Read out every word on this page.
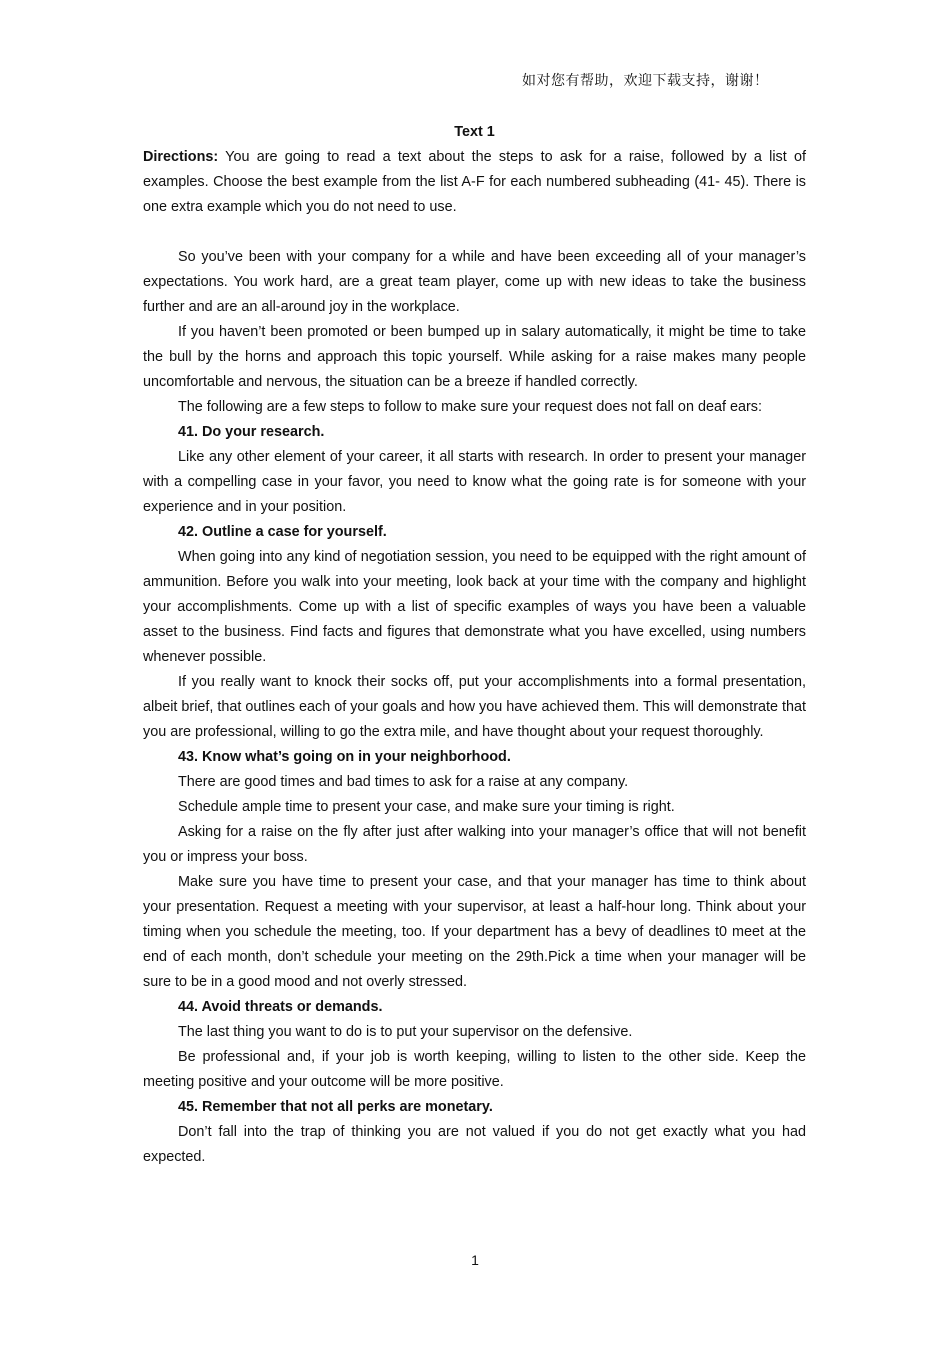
如对您有帮助，欢迎下载支持，谢谢！

Text 1

Directions: You are going to read a text about the steps to ask for a raise, followed by a list of examples. Choose the best example from the list A-F for each numbered subheading (41- 45). There is one extra example which you do not need to use.

So you’ve been with your company for a while and have been exceeding all of your manager’s expectations. You work hard, are a great team player, come up with new ideas to take the business further and are an all-around joy in the workplace.

If you haven’t been promoted or been bumped up in salary automatically, it might be time to take the bull by the horns and approach this topic yourself. While asking for a raise makes many people uncomfortable and nervous, the situation can be a breeze if handled correctly.

The following are a few steps to follow to make sure your request does not fall on deaf ears:

41. Do your research.

Like any other element of your career, it all starts with research. In order to present your manager with a compelling case in your favor, you need to know what the going rate is for someone with your experience and in your position.

42. Outline a case for yourself.

When going into any kind of negotiation session, you need to be equipped with the right amount of ammunition. Before you walk into your meeting, look back at your time with the company and highlight your accomplishments. Come up with a list of specific examples of ways you have been a valuable asset to the business. Find facts and figures that demonstrate what you have excelled, using numbers whenever possible.

If you really want to knock their socks off, put your accomplishments into a formal presentation, albeit brief, that outlines each of your goals and how you have achieved them. This will demonstrate that you are professional, willing to go the extra mile, and have thought about your request thoroughly.

43. Know what’s going on in your neighborhood.

There are good times and bad times to ask for a raise at any company.

Schedule ample time to present your case, and make sure your timing is right.

Asking for a raise on the fly after just after walking into your manager’s office that will not benefit you or impress your boss.

Make sure you have time to present your case, and that your manager has time to think about your presentation. Request a meeting with your supervisor, at least a half-hour long. Think about your timing when you schedule the meeting, too. If your department has a bevy of deadlines t0 meet at the end of each month, don’t schedule your meeting on the 29th.Pick a time when your manager will be sure to be in a good mood and not overly stressed.

44. Avoid threats or demands.

The last thing you want to do is to put your supervisor on the defensive.

Be professional and, if your job is worth keeping, willing to listen to the other side. Keep the meeting positive and your outcome will be more positive.

45. Remember that not all perks are monetary.

Don’t fall into the trap of thinking you are not valued if you do not get exactly what you had expected.

1
